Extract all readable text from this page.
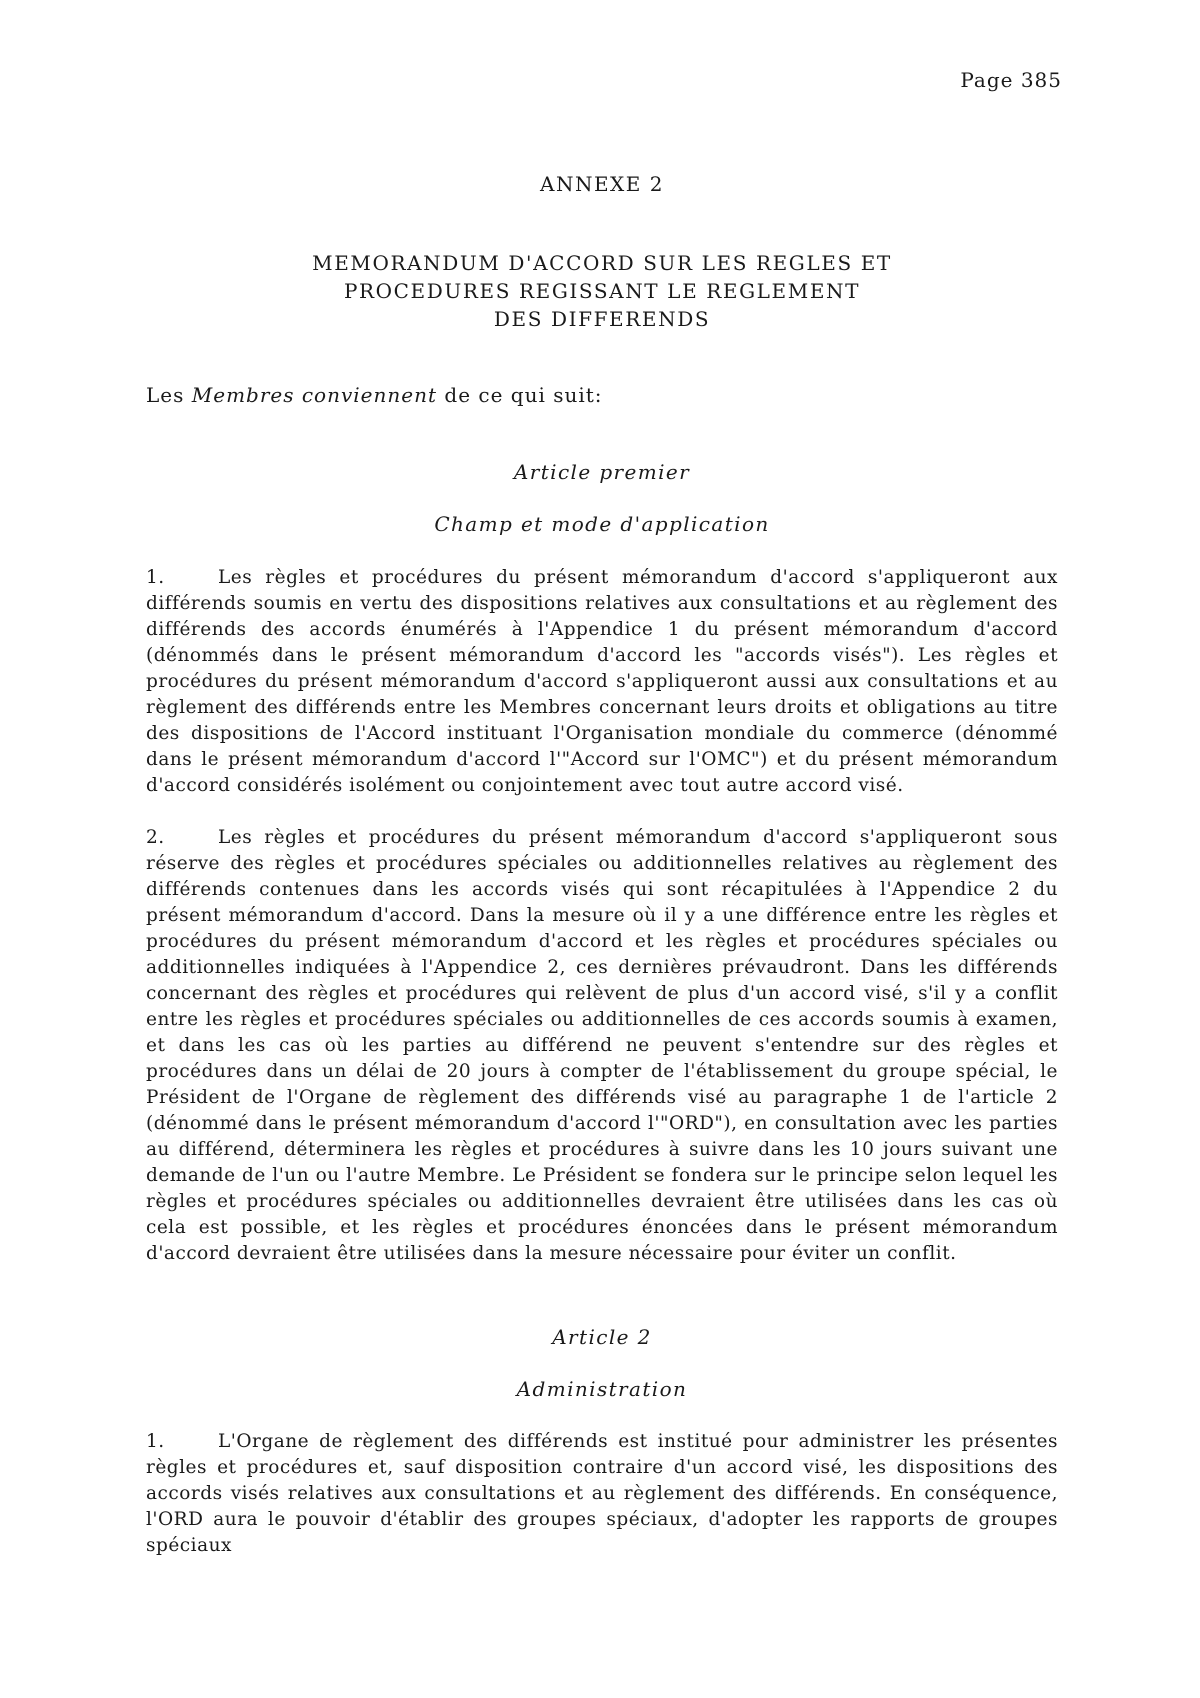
Page 385
ANNEXE 2
MEMORANDUM D'ACCORD SUR LES REGLES ET
PROCEDURES REGISSANT LE REGLEMENT
DES DIFFERENDS
Les Membres conviennent de ce qui suit:
Article premier
Champ et mode d'application
1.	Les règles et procédures du présent mémorandum d'accord s'appliqueront aux différends soumis en vertu des dispositions relatives aux consultations et au règlement des différends des accords énumérés à l'Appendice 1 du présent mémorandum d'accord (dénommés dans le présent mémorandum d'accord les "accords visés"). Les règles et procédures du présent mémorandum d'accord s'appliqueront aussi aux consultations et au règlement des différends entre les Membres concernant leurs droits et obligations au titre des dispositions de l'Accord instituant l'Organisation mondiale du commerce (dénommé dans le présent mémorandum d'accord l'"Accord sur l'OMC") et du présent mémorandum d'accord considérés isolément ou conjointement avec tout autre accord visé.
2.	Les règles et procédures du présent mémorandum d'accord s'appliqueront sous réserve des règles et procédures spéciales ou additionnelles relatives au règlement des différends contenues dans les accords visés qui sont récapitulées à l'Appendice 2 du présent mémorandum d'accord. Dans la mesure où il y a une différence entre les règles et procédures du présent mémorandum d'accord et les règles et procédures spéciales ou additionnelles indiquées à l'Appendice 2, ces dernières prévaudront. Dans les différends concernant des règles et procédures qui relèvent de plus d'un accord visé, s'il y a conflit entre les règles et procédures spéciales ou additionnelles de ces accords soumis à examen, et dans les cas où les parties au différend ne peuvent s'entendre sur des règles et procédures dans un délai de 20 jours à compter de l'établissement du groupe spécial, le Président de l'Organe de règlement des différends visé au paragraphe 1 de l'article 2 (dénommé dans le présent mémorandum d'accord l'"ORD"), en consultation avec les parties au différend, déterminera les règles et procédures à suivre dans les 10 jours suivant une demande de l'un ou l'autre Membre. Le Président se fondera sur le principe selon lequel les règles et procédures spéciales ou additionnelles devraient être utilisées dans les cas où cela est possible, et les règles et procédures énoncées dans le présent mémorandum d'accord devraient être utilisées dans la mesure nécessaire pour éviter un conflit.
Article 2
Administration
1.	L'Organe de règlement des différends est institué pour administrer les présentes règles et procédures et, sauf disposition contraire d'un accord visé, les dispositions des accords visés relatives aux consultations et au règlement des différends. En conséquence, l'ORD aura le pouvoir d'établir des groupes spéciaux, d'adopter les rapports de groupes spéciaux
